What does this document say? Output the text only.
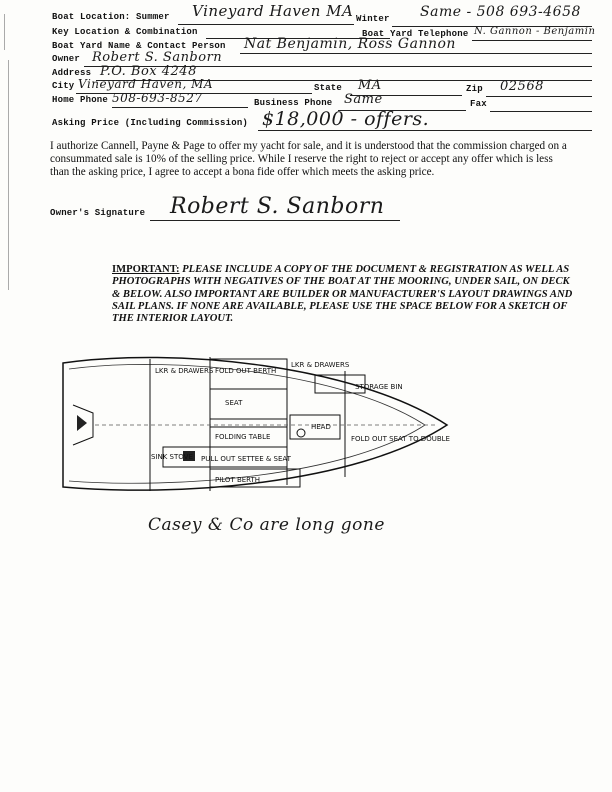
Boat Location: Summer Vineyard Haven MA Winter Same - 508 693-4658
Key Location & Combination	Boat Yard Telephone N. Gannon - Benjamin
Boat Yard Name & Contact Person Nat Benjamin, Ross Gannon
Owner Robert S. Sanborn
Address P.O. Box 4248
City Vineyard Haven, MA	State MA	Zip 02568
Home Phone 508-693-8527	Business Phone Same	Fax
Asking Price (Including Commission) $18,000 - offers.
I authorize Cannell, Payne & Page to offer my yacht for sale, and it is understood that the commission charged on a consummated sale is 10% of the selling price. While I reserve the right to reject or accept any offer which is less than the asking price, I agree to accept a bona fide offer which meets the asking price.
Owner's Signature Robert S. Sanborn
IMPORTANT: PLEASE INCLUDE A COPY OF THE DOCUMENT & REGISTRATION AS WELL AS PHOTOGRAPHS WITH NEGATIVES OF THE BOAT AT THE MOORING, UNDER SAIL, ON DECK & BELOW. ALSO IMPORTANT ARE BUILDER OR MANUFACTURER'S LAYOUT DRAWINGS AND SAIL PLANS. IF NONE ARE AVAILABLE, PLEASE USE THE SPACE BELOW FOR A SKETCH OF THE INTERIOR LAYOUT.
LKR & DRAWERS FOLD OUT BERTH
SEAT
LKR & DRAWERS
STORAGE BIN
FOLDING TABLE
HEAD
FOLD OUT SEAT TO DOUBLE
SINK STOVE PULL OUT SETTEE & SEAT
PILOT BERTH
Casey & Co are long gone
